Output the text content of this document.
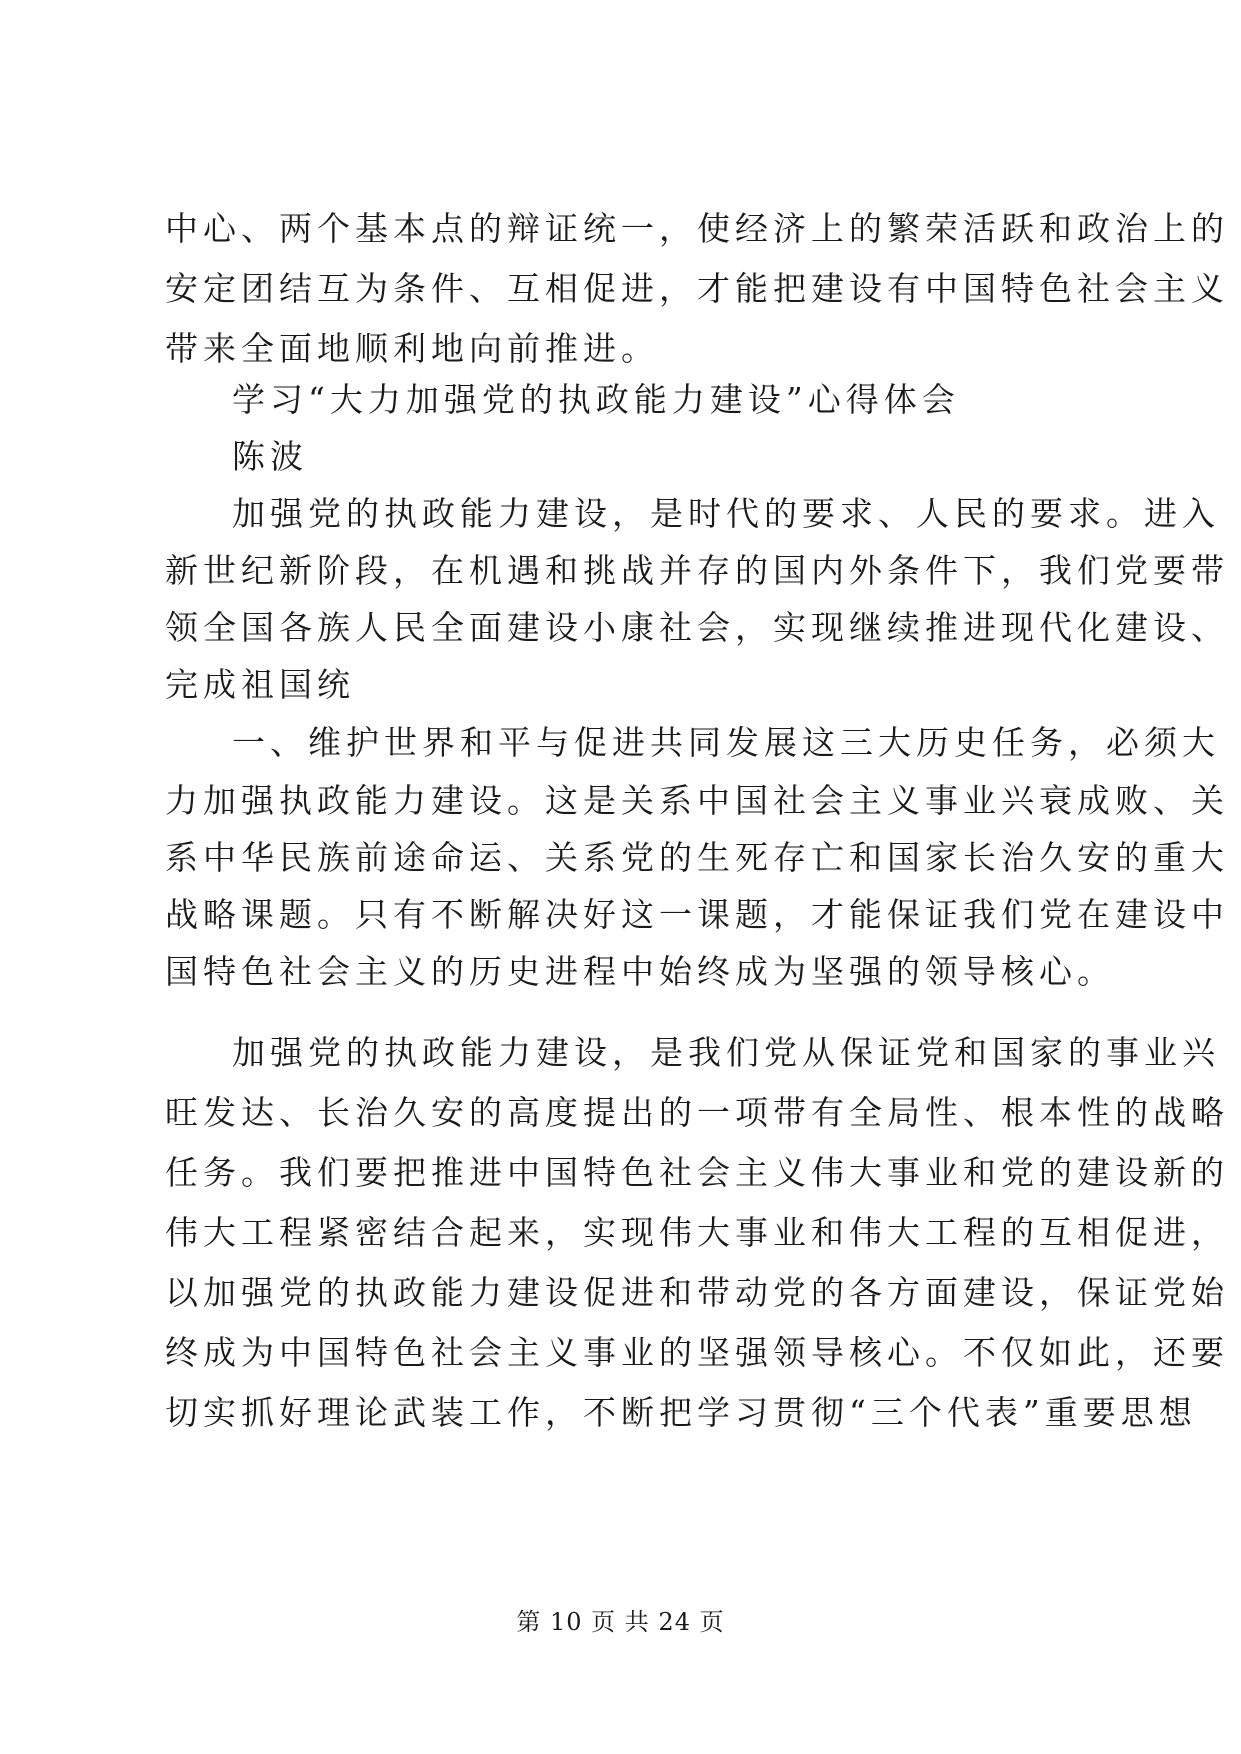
中心、两个基本点的辩证统一，使经济上的繁荣活跃和政治上的
安定团结互为条件、互相促进，才能把建设有中国特色社会主义
带来全面地顺利地向前推进。
学习“大力加强党的执政能力建设”心得体会
陈波
加强党的执政能力建设，是时代的要求、人民的要求。进入
新世纪新阶段，在机遇和挑战并存的国内外条件下，我们党要带
领全国各族人民全面建设小康社会，实现继续推进现代化建设、
完成祖国统
一、维护世界和平与促进共同发展这三大历史任务，必须大
力加强执政能力建设。这是关系中国社会主义事业兴衰成败、关
系中华民族前途命运、关系党的生死存亡和国家长治久安的重大
战略课题。只有不断解决好这一课题，才能保证我们党在建设中
国特色社会主义的历史进程中始终成为坚强的领导核心。
加强党的执政能力建设，是我们党从保证党和国家的事业兴
旺发达、长治久安的高度提出的一项带有全局性、根本性的战略
任务。我们要把推进中国特色社会主义伟大事业和党的建设新的
伟大工程紧密结合起来，实现伟大事业和伟大工程的互相促进，
以加强党的执政能力建设促进和带动党的各方面建设，保证党始
终成为中国特色社会主义事业的坚强领导核心。不仅如此，还要
切实抓好理论武装工作，不断把学习贯彻“三个代表”重要思想
第 10 页 共 24 页
